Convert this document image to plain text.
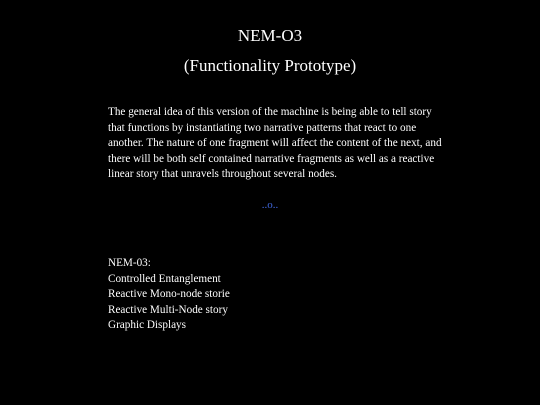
NEM-O3
(Functionality Prototype)

The general idea of this version of the machine is being able to tell story that functions by instantiating two narrative patterns that react to one another. The nature of one fragment will affect the content of the next, and there will be both self contained narrative fragments as well as a reactive linear story that unravels throughout several nodes.

..o..
NEM-03:
Controlled Entanglement
Reactive Mono-node storie
Reactive Multi-Node story
Graphic Displays
